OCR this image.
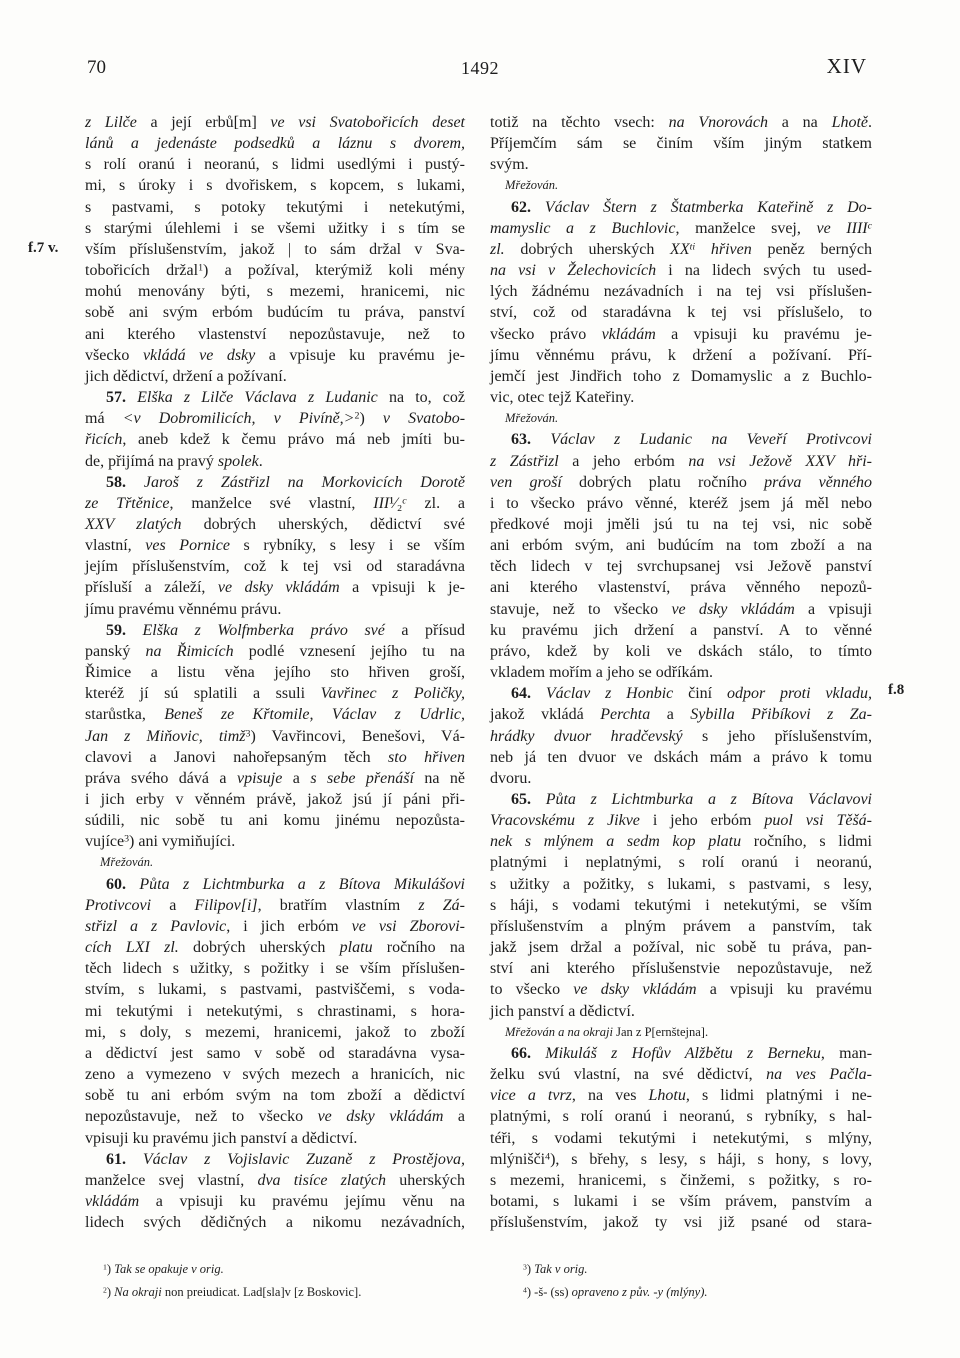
70	1492	XIV
f.7 v.
f.8
z Lilče a její erbů[m] ve vsi Svatobořicích deset
lánů a jedenáste podsedků a láznu s dvorem,
s rolí oranú i neoranú, s lidmi usedlými i pustý-
mi, s úroky i s dvořiskem, s kopcem, s lukami,
s pastvami, s potoky tekutými i netekutými,
s starými úlehlemi i se všemi užitky i s tím se
vším příslušenstvím, jakož | to sám držal v Sva-
tobořicích držal$^1$) a požíval, kterýmiž koli mény
mohú menovány býti, s mezemi, hranicemi, nic
sobě ani svým erbóm budúcím tu práva, panství
ani kterého vlastenství nepozůstavuje, než to
všecko vkládá ve dsky a vpisuje ku pravému je-
jich dědictví, držení a požívaní.
57. Elška z Lilče Václava z Ludanic na to, což
má <v Dobromilicích, v Pivíně,>$^2$) v Svatobo-
řicích, aneb kdež k čemu právo má neb jmíti bu-
de, přijímá na pravý spolek.
58. Jaroš z Zástřizl na Morkovicích Dorotě
ze Třtěnice, manželce své vlastní, III¹⁄₂$^c$ zl. a
XXV zlatých dobrých uherských, dědictví své
vlastní, ves Pornice s rybníky, s lesy i se vším
jejím příslušenstvím, což k tej vsi od staradávna
přísluší a záleží, ve dsky vkládám a vpisuji k je-
jímu pravému věnnému právu.
59. Elška z Wolfmberka právo své a přísud
panský na Řimicích podlé vznesení jejího tu na
Řimice a listu věna jejího sto hřiven groší,
kteréž jí sú splatili a ssuli Vavřinec z Poličky,
starůstka, Beneš ze Křtomile, Václav z Udrlic,
Jan z Miňovic, timž$^3$) Vavřincovi, Benešovi, Vá-
clavovi a Janovi nahořepsaným těch sto hřiven
práva svého dává a vpisuje a s sebe přenáší na ně
i jich erby v věnném právě, jakož jsú jí páni při-
súdili, nic sobě tu ani komu jinému nepozůsta-
vujíce$^3$) ani vymiňujíci.
Mřežován.
60. Půta z Lichtmburka a z Bítova Mikulášovi
Protivcovi a Filipov[i], bratřím vlastním z Zá-
střizl a z Pavlovic, i jich erbóm ve vsi Zborovi-
cích LXI zl. dobrých uherských platu ročního na
těch lidech s užitky, s požitky i se vším příslušen-
stvím, s lukami, s pastvami, pastviščemi, s voda-
mi tekutými i netekutými, s chrastinami, s hora-
mi, s doly, s mezemi, hranicemi, jakož to zboží
a dědictví jest samo v sobě od staradávna vysa-
zeno a vymezeno v svých mezech a hranicích, nic
sobě tu ani erbóm svým na tom zboží a dědictví
nepozůstavuje, než to všecko ve dsky vkládám a
vpisuji ku pravému jich panství a dědictví.
61. Václav z Vojislavic Zuzaně z Prostějova,
manželce svej vlastní, dva tisíce zlatých uherských
vkládám a vpisuji ku pravému jejímu věnu na
lidech svých dědičných a nikomu nezávadních,
totiž na těchto vsech: na Vnorovách a na Lhotě.
Příjemčím sám se činím vším jiným statkem
svým.
Mřežován.
62. Václav Štern z Štatmberka Kateřině z Do-
mamyslic a z Buchlovic, manželce svej, ve IIII$^c$
zl. dobrých uherských $XX^{ti}$ hřiven peněz berných
na vsi v Želechovicích i na lidech svých tu used-
lých žádnému nezávadních i na tej vsi příslušen-
ství, což od staradávna k tej vsi příslušelo, to
všecko právo vkládám a vpisuji ku pravému je-
jímu věnnému právu, k držení a požívaní. Pří-
jemčí jest Jindřich toho z Domamyslic a z Buchlo-
vic, otec tejž Kateřiny.
Mřežován.
63. Václav z Ludanic na Veveří Protivcovi
z Zástřizl a jeho erbóm na vsi Ježově XXV hři-
ven groší dobrých platu ročního práva věnného
i to všecko právo věnné, kteréž jsem já měl nebo
předkové moji jměli jsú tu na tej vsi, nic sobě
ani erbóm svým, ani budúcím na tom zboží a na
těch lidech v tej svrchupsanej vsi Ježově panství
ani kterého vlastenství, práva věnného nepozů-
stavuje, než to všecko ve dsky vkládám a vpisuji
ku pravému jich držení a panství. A to věnné
právo, kdež by koli ve dskách stálo, to tímto
vkladem mořím a jeho se odříkám.
64. Václav z Honbic činí odpor proti vkladu,
jakož vkládá Perchta a Sybilla Přibíkovi z Za-
hrádky dvuor hradčevský s jeho příslušenstvím,
neb já ten dvuor ve dskách mám a právo k tomu
dvoru.
65. Půta z Lichtmburka a z Bítova Václavovi
Vracovskému z Jikve i jeho erbóm puol vsi Těšá-
nek s mlýnem a sedm kop platu ročního, s lidmi
platnými i neplatnými, s rolí oranú i neoranú,
s užitky a požitky, s lukami, s pastvami, s lesy,
s háji, s vodami tekutými i netekutými, se vším
příslušenstvím a plným právem a panstvím, tak
jakž jsem držal a požíval, nic sobě tu práva, pan-
ství ani kterého příslušenstvie nepozůstavuje, než
to všecko ve dsky vkládám a vpisuji ku pravému
jich panství a dědictví.
Mřežován a na okraji Jan z P[ernštejna].
66. Mikuláš z Hofův Alžbětu z Berneku, man-
želku svú vlastní, na své dědictví, na ves Pačla-
vice a tvrz, na ves Lhotu, s lidmi platnými i ne-
platnými, s rolí oranú i neoranú, s rybníky, s hal-
téři, s vodami tekutými i netekutými, s mlýny,
mlýnišči$^4$), s břehy, s lesy, s háji, s hony, s lovy,
s mezemi, hranicemi, s činžemi, s požitky, s ro-
botami, s lukami i se vším právem, panstvím a
příslušenstvím, jakož ty vsi již psané od stara-
$^1$) Tak se opakuje v orig.
$^2$) Na okraji non preiudicat. Lad[sla]v [z Boskovic].
$^3$) Tak v orig.
$^4$) -š- (ss) opraveno z pův. -y (mlýny).
